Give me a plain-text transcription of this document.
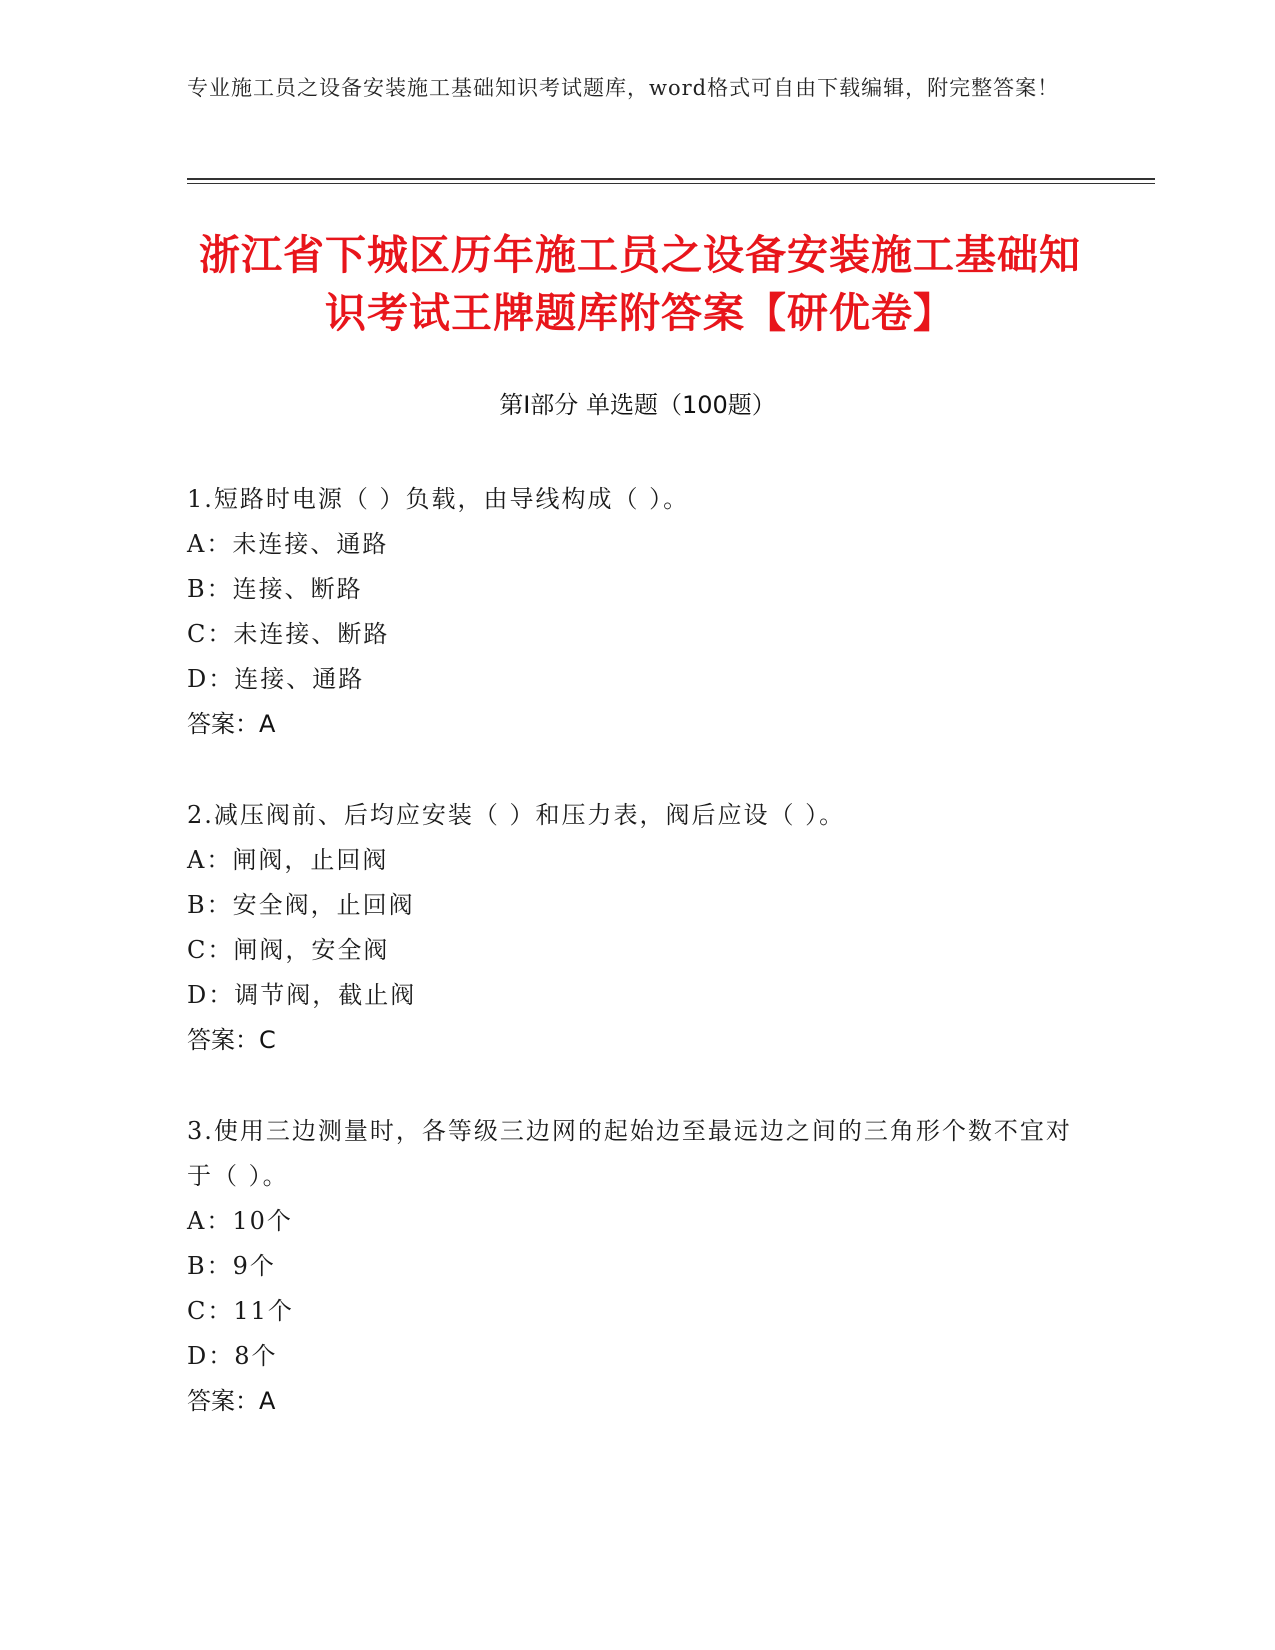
专业施工员之设备安装施工基础知识考试题库，word格式可自由下载编辑，附完整答案！
浙江省下城区历年施工员之设备安装施工基础知识考试王牌题库附答案【研优卷】
第Ⅰ部分 单选题（100题）

1.短路时电源（ ）负载，由导线构成（ ）。

A：未连接、通路

B：连接、断路

C：未连接、断路

D：连接、通路

答案：A

2.减压阀前、后均应安装（ ）和压力表，阀后应设（ ）。

A：闸阀，止回阀

B：安全阀，止回阀

C：闸阀，安全阀

D：调节阀，截止阀

答案：C

3.使用三边测量时，各等级三边网的起始边至最远边之间的三角形个数不宜对于（ ）。

A：10个

B：9个

C：11个

D：8个

答案：A
